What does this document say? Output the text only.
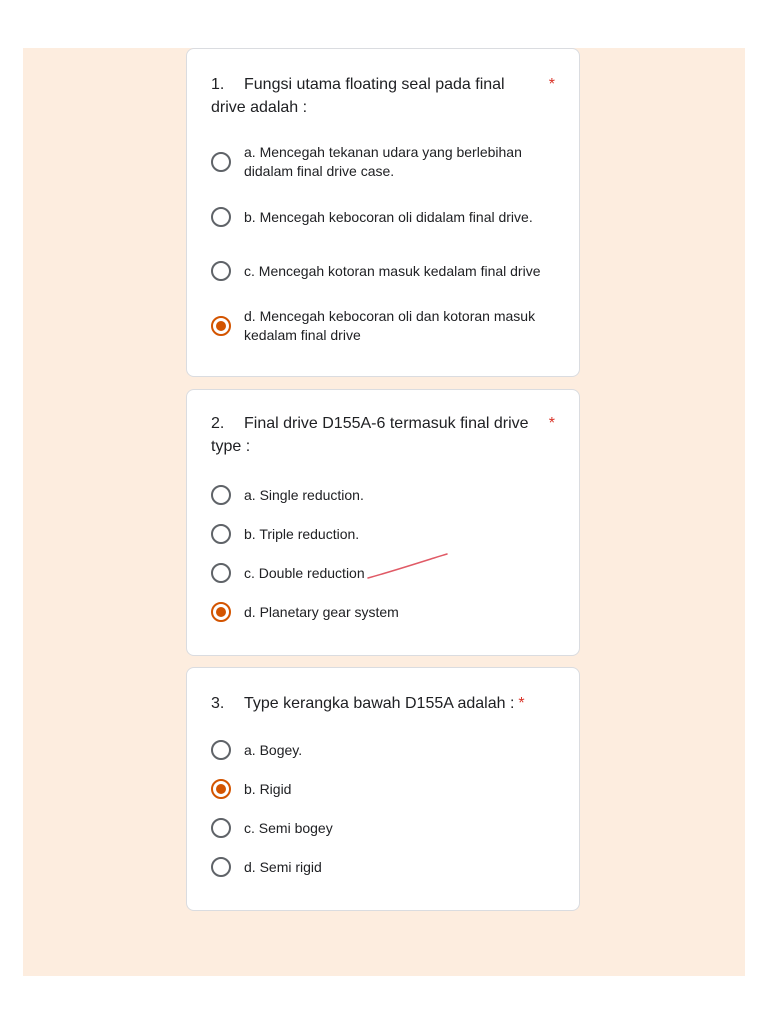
1. Fungsi utama floating seal pada final drive adalah :
*
a. Mencegah tekanan udara yang berlebihan didalam final drive case.
b. Mencegah kebocoran oli didalam final drive.
c. Mencegah kotoran masuk kedalam final drive
d. Mencegah kebocoran oli dan kotoran masuk kedalam final drive
2. Final drive D155A-6 termasuk final drive type :
*
a. Single reduction.
b. Triple reduction.
c. Double reduction
d. Planetary gear system
3. Type kerangka bawah D155A adalah : *
a. Bogey.
b. Rigid
c. Semi bogey
d. Semi rigid
